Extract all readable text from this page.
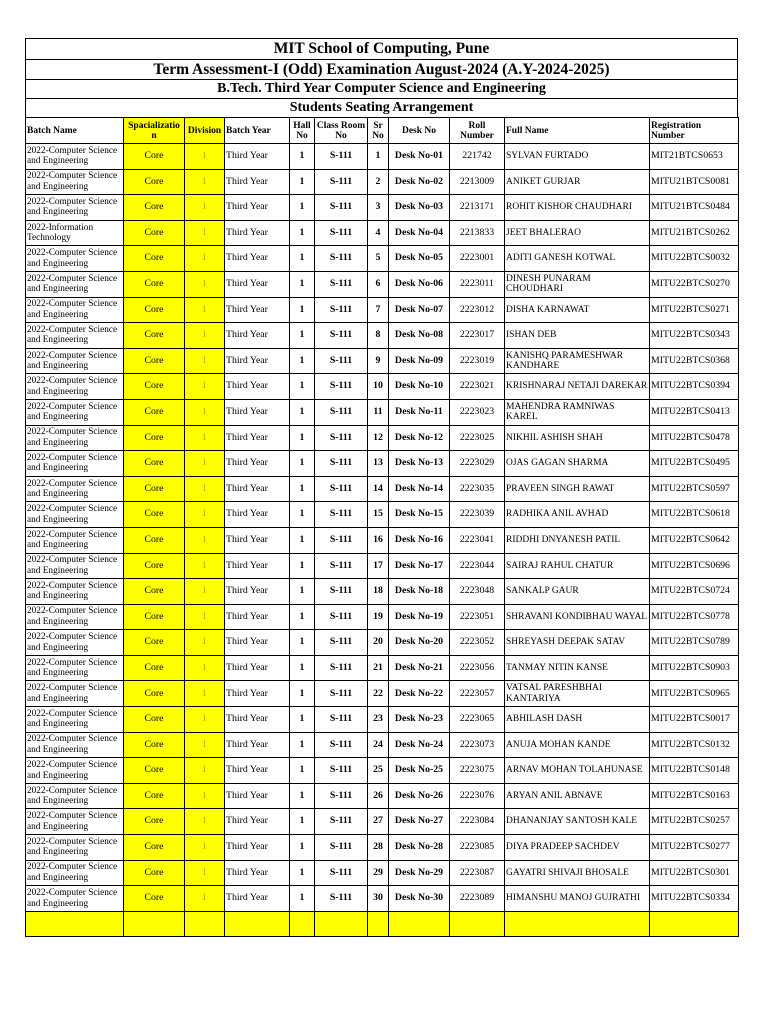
MIT School of Computing, Pune
Term Assessment-I (Odd) Examination August-2024 (A.Y-2024-2025)
B.Tech. Third Year Computer Science and Engineering
Students Seating Arrangement
Batch Name	Spacializatio n	Division	Batch Year	Hall No	Class Room No	Sr No	Desk No	Roll Number	Full Name	Registration Number
2022-Computer Science and Engineering	Core	1	Third Year	1	S-111	1	Desk No-01	221742	SYLVAN FURTADO	MIT21BTCS0653
2022-Computer Science and Engineering	Core	1	Third Year	1	S-111	2	Desk No-02	2213009	ANIKET GURJAR	MITU21BTCS0081
2022-Computer Science and Engineering	Core	1	Third Year	1	S-111	3	Desk No-03	2213171	ROHIT KISHOR CHAUDHARI	MITU21BTCS0484
2022-Information Technology	Core	1	Third Year	1	S-111	4	Desk No-04	2213833	JEET BHALERAO	MITU21BTCS0262
2022-Computer Science and Engineering	Core	1	Third Year	1	S-111	5	Desk No-05	2223001	ADITI GANESH KOTWAL	MITU22BTCS0032
2022-Computer Science and Engineering	Core	1	Third Year	1	S-111	6	Desk No-06	2223011	DINESH PUNARAM CHOUDHARI	MITU22BTCS0270
2022-Computer Science and Engineering	Core	1	Third Year	1	S-111	7	Desk No-07	2223012	DISHA KARNAWAT	MITU22BTCS0271
2022-Computer Science and Engineering	Core	1	Third Year	1	S-111	8	Desk No-08	2223017	ISHAN DEB	MITU22BTCS0343
2022-Computer Science and Engineering	Core	1	Third Year	1	S-111	9	Desk No-09	2223019	KANISHQ PARAMESHWAR KANDHARE	MITU22BTCS0368
2022-Computer Science and Engineering	Core	1	Third Year	1	S-111	10	Desk No-10	2223021	KRISHNARAJ NETAJI DAREKAR	MITU22BTCS0394
2022-Computer Science and Engineering	Core	1	Third Year	1	S-111	11	Desk No-11	2223023	MAHENDRA RAMNIWAS KAREL	MITU22BTCS0413
2022-Computer Science and Engineering	Core	1	Third Year	1	S-111	12	Desk No-12	2223025	NIKHIL ASHISH SHAH	MITU22BTCS0478
2022-Computer Science and Engineering	Core	1	Third Year	1	S-111	13	Desk No-13	2223029	OJAS GAGAN SHARMA	MITU22BTCS0495
2022-Computer Science and Engineering	Core	1	Third Year	1	S-111	14	Desk No-14	2223035	PRAVEEN SINGH RAWAT	MITU22BTCS0597
2022-Computer Science and Engineering	Core	1	Third Year	1	S-111	15	Desk No-15	2223039	RADHIKA ANIL AVHAD	MITU22BTCS0618
2022-Computer Science and Engineering	Core	1	Third Year	1	S-111	16	Desk No-16	2223041	RIDDHI DNYANESH PATIL	MITU22BTCS0642
2022-Computer Science and Engineering	Core	1	Third Year	1	S-111	17	Desk No-17	2223044	SAIRAJ RAHUL CHATUR	MITU22BTCS0696
2022-Computer Science and Engineering	Core	1	Third Year	1	S-111	18	Desk No-18	2223048	SANKALP GAUR	MITU22BTCS0724
2022-Computer Science and Engineering	Core	1	Third Year	1	S-111	19	Desk No-19	2223051	SHRAVANI KONDIBHAU WAYAL	MITU22BTCS0778
2022-Computer Science and Engineering	Core	1	Third Year	1	S-111	20	Desk No-20	2223052	SHREYASH DEEPAK SATAV	MITU22BTCS0789
2022-Computer Science and Engineering	Core	1	Third Year	1	S-111	21	Desk No-21	2223056	TANMAY NITIN KANSE	MITU22BTCS0903
2022-Computer Science and Engineering	Core	1	Third Year	1	S-111	22	Desk No-22	2223057	VATSAL PARESHBHAI KANTARIYA	MITU22BTCS0965
2022-Computer Science and Engineering	Core	1	Third Year	1	S-111	23	Desk No-23	2223065	ABHILASH DASH	MITU22BTCS0017
2022-Computer Science and Engineering	Core	1	Third Year	1	S-111	24	Desk No-24	2223073	ANUJA MOHAN KANDE	MITU22BTCS0132
2022-Computer Science and Engineering	Core	1	Third Year	1	S-111	25	Desk No-25	2223075	ARNAV MOHAN TOLAHUNASE	MITU22BTCS0148
2022-Computer Science and Engineering	Core	1	Third Year	1	S-111	26	Desk No-26	2223076	ARYAN ANIL ABNAVE	MITU22BTCS0163
2022-Computer Science and Engineering	Core	1	Third Year	1	S-111	27	Desk No-27	2223084	DHANANJAY SANTOSH KALE	MITU22BTCS0257
2022-Computer Science and Engineering	Core	1	Third Year	1	S-111	28	Desk No-28	2223085	DIYA PRADEEP SACHDEV	MITU22BTCS0277
2022-Computer Science and Engineering	Core	1	Third Year	1	S-111	29	Desk No-29	2223087	GAYATRI SHIVAJI BHOSALE	MITU22BTCS0301
2022-Computer Science and Engineering	Core	1	Third Year	1	S-111	30	Desk No-30	2223089	HIMANSHU MANOJ GUJRATHI	MITU22BTCS0334
